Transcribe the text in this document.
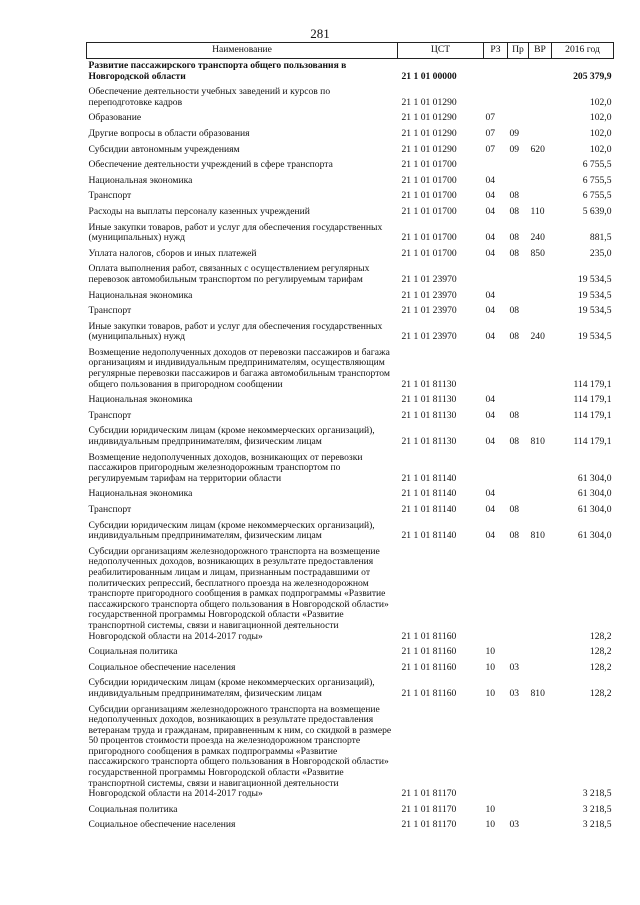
281
Наименование	ЦСТ	РЗ	Пр	ВР	2016 год
Развитие пассажирского транспорта общего пользования в Новгородской области	21 1 01 00000				205 379,9
Обеспечение деятельности учебных заведений и курсов по переподготовке кадров	21 1 01 01290				102,0
Образование	21 1 01 01290	07			102,0
Другие вопросы в области образования	21 1 01 01290	07	09		102,0
Субсидии автономным учреждениям	21 1 01 01290	07	09	620	102,0
Обеспечение деятельности учреждений в сфере транспорта	21 1 01 01700				6 755,5
Национальная экономика	21 1 01 01700	04			6 755,5
Транспорт	21 1 01 01700	04	08		6 755,5
Расходы на выплаты персоналу казенных учреждений	21 1 01 01700	04	08	110	5 639,0
Иные закупки товаров, работ и услуг для обеспечения государственных (муниципальных) нужд	21 1 01 01700	04	08	240	881,5
Уплата налогов, сборов и иных платежей	21 1 01 01700	04	08	850	235,0
Оплата выполнения работ, связанных с осуществлением регулярных перевозок автомобильным транспортом по регулируемым тарифам	21 1 01 23970				19 534,5
Национальная экономика	21 1 01 23970	04			19 534,5
Транспорт	21 1 01 23970	04	08		19 534,5
Иные закупки товаров, работ и услуг для обеспечения государственных (муниципальных) нужд	21 1 01 23970	04	08	240	19 534,5
Возмещение недополученных доходов от перевозки пассажиров и багажа организациям и индивидуальным предпринимателям, осуществляющим регулярные перевозки пассажиров и багажа автомобильным транспортом общего пользования в пригородном сообщении	21 1 01 81130				114 179,1
Национальная экономика	21 1 01 81130	04			114 179,1
Транспорт	21 1 01 81130	04	08		114 179,1
Субсидии юридическим лицам (кроме некоммерческих организаций), индивидуальным предпринимателям, физическим лицам	21 1 01 81130	04	08	810	114 179,1
Возмещение недополученных доходов, возникающих от перевозки пассажиров пригородным железнодорожным транспортом по регулируемым тарифам на территории области	21 1 01 81140				61 304,0
Национальная экономика	21 1 01 81140	04			61 304,0
Транспорт	21 1 01 81140	04	08		61 304,0
Субсидии юридическим лицам (кроме некоммерческих организаций), индивидуальным предпринимателям, физическим лицам	21 1 01 81140	04	08	810	61 304,0
Субсидии организациям железнодорожного транспорта на возмещение недополученных доходов, возникающих в результате предоставления реабилитированным лицам и лицам, признанным пострадавшими от политических репрессий, бесплатного проезда на железнодорожном транспорте пригородного сообщения в рамках подпрограммы «Развитие пассажирского транспорта общего пользования в Новгородской области» государственной программы Новгородской области «Развитие транспортной системы, связи и навигационной деятельности Новгородской области на 2014-2017 годы»	21 1 01 81160				128,2
Социальная политика	21 1 01 81160	10			128,2
Социальное обеспечение населения	21 1 01 81160	10	03		128,2
Субсидии юридическим лицам (кроме некоммерческих организаций), индивидуальным предпринимателям, физическим лицам	21 1 01 81160	10	03	810	128,2
Субсидии организациям железнодорожного транспорта на возмещение недополученных доходов, возникающих в результате предоставления ветеранам труда и гражданам, приравненным к ним, со скидкой в размере 50 процентов стоимости проезда на железнодорожном транспорте пригородного сообщения в рамках подпрограммы «Развитие пассажирского транспорта общего пользования в Новгородской области» государственной программы Новгородской области «Развитие транспортной системы, связи и навигационной деятельности Новгородской области на 2014-2017 годы»	21 1 01 81170				3 218,5
Социальная политика	21 1 01 81170	10			3 218,5
Социальное обеспечение населения	21 1 01 81170	10	03		3 218,5
